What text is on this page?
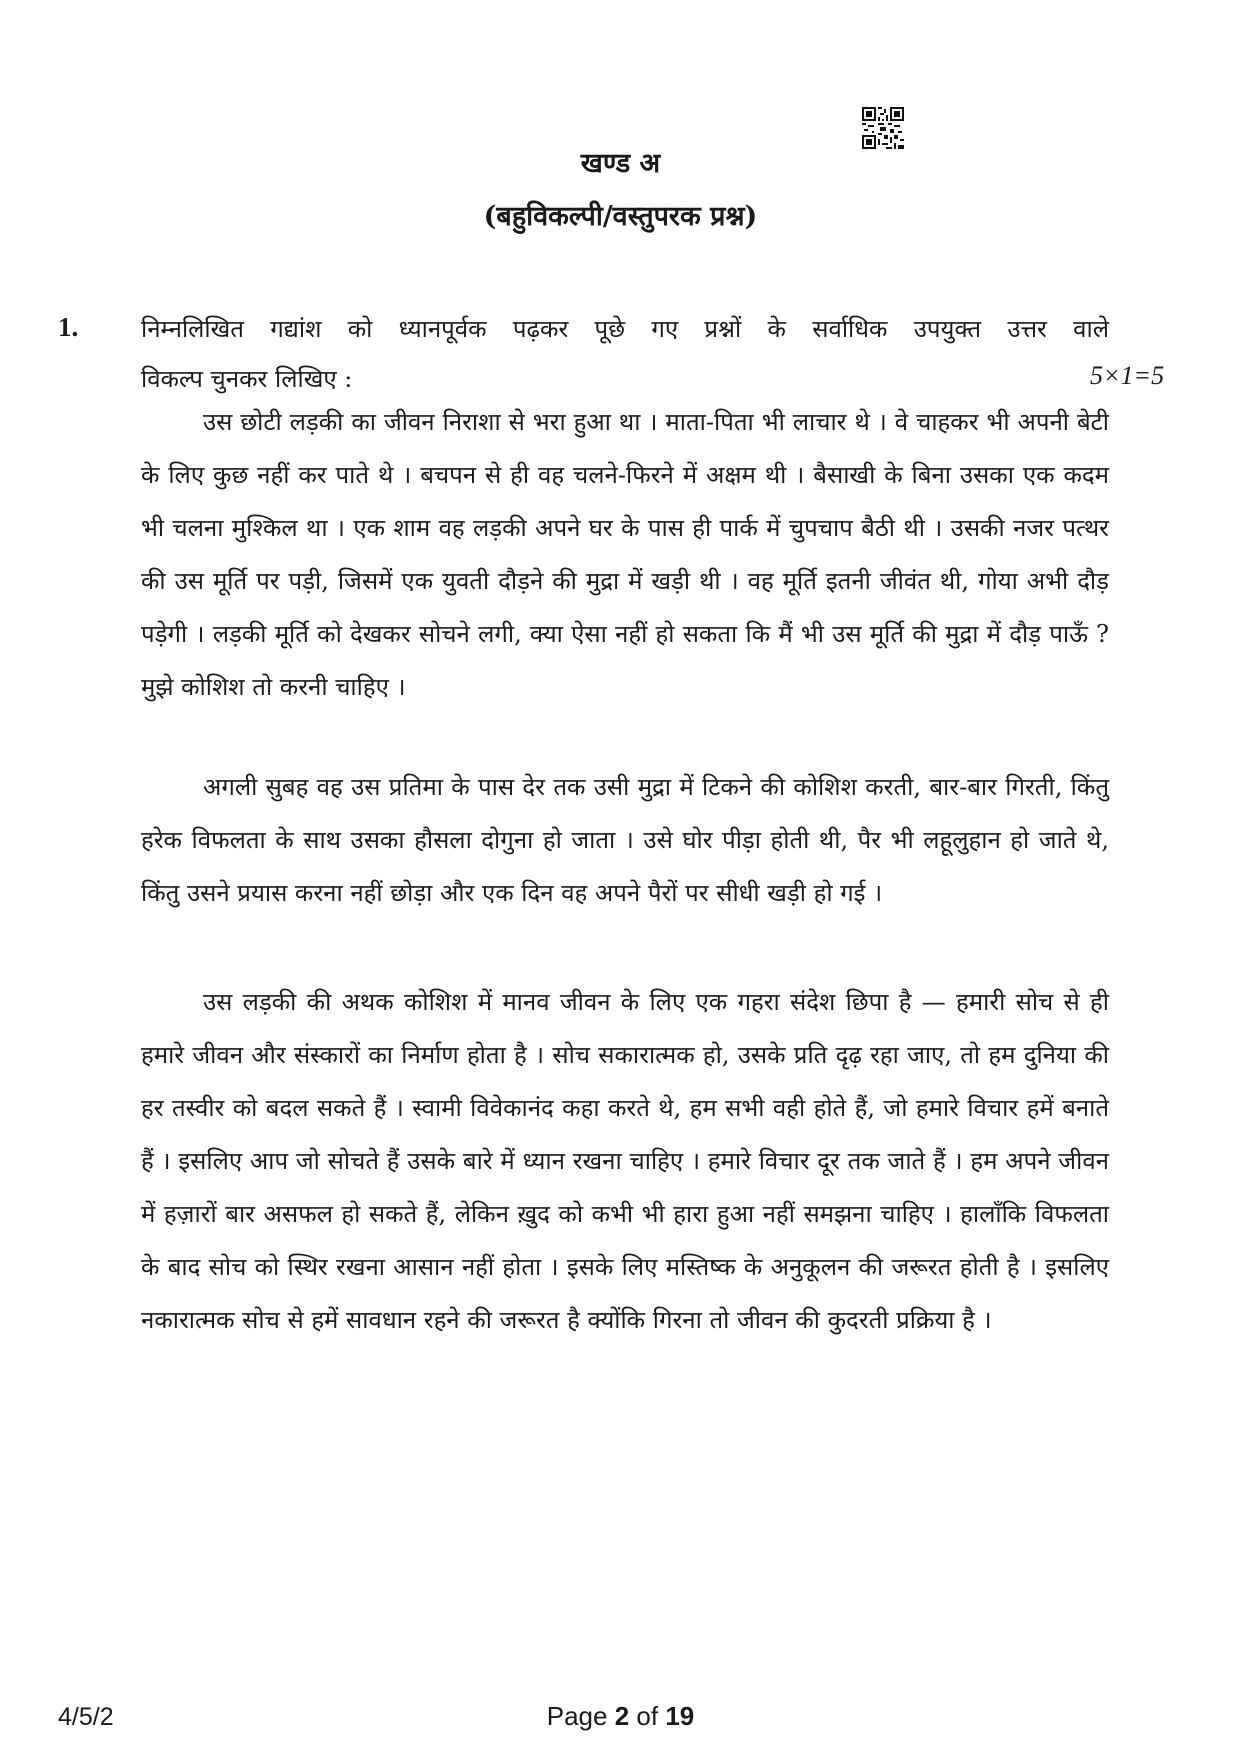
खण्ड अ
(बहुविकल्पी/वस्तुपरक प्रश्न)
1.	निम्नलिखित गद्यांश को ध्यानपूर्वक पढ़कर पूछे गए प्रश्नों के सर्वाधिक उपयुक्त उत्तर वाले
विकल्प चुनकर लिखिए :	5×1=5

उस छोटी लड़की का जीवन निराशा से भरा हुआ था । माता-पिता भी लाचार थे । वे चाहकर भी अपनी बेटी के लिए कुछ नहीं कर पाते थे । बचपन से ही वह चलने-फिरने में अक्षम थी । बैसाखी के बिना उसका एक कदम भी चलना मुश्किल था । एक शाम वह लड़की अपने घर के पास ही पार्क में चुपचाप बैठी थी । उसकी नजर पत्थर की उस मूर्ति पर पड़ी, जिसमें एक युवती दौड़ने की मुद्रा में खड़ी थी । वह मूर्ति इतनी जीवंत थी, गोया अभी दौड़ पड़ेगी । लड़की मूर्ति को देखकर सोचने लगी, क्या ऐसा नहीं हो सकता कि मैं भी उस मूर्ति की मुद्रा में दौड़ पाऊँ ? मुझे कोशिश तो करनी चाहिए ।

अगली सुबह वह उस प्रतिमा के पास देर तक उसी मुद्रा में टिकने की कोशिश करती, बार-बार गिरती, किंतु हरेक विफलता के साथ उसका हौसला दोगुना हो जाता । उसे घोर पीड़ा होती थी, पैर भी लहूलुहान हो जाते थे, किंतु उसने प्रयास करना नहीं छोड़ा और एक दिन वह अपने पैरों पर सीधी खड़ी हो गई ।

उस लड़की की अथक कोशिश में मानव जीवन के लिए एक गहरा संदेश छिपा है — हमारी सोच से ही हमारे जीवन और संस्कारों का निर्माण होता है । सोच सकारात्मक हो, उसके प्रति दृढ़ रहा जाए, तो हम दुनिया की हर तस्वीर को बदल सकते हैं । स्वामी विवेकानंद कहा करते थे, हम सभी वही होते हैं, जो हमारे विचार हमें बनाते हैं । इसलिए आप जो सोचते हैं उसके बारे में ध्यान रखना चाहिए । हमारे विचार दूर तक जाते हैं । हम अपने जीवन में हज़ारों बार असफल हो सकते हैं, लेकिन ख़ुद को कभी भी हारा हुआ नहीं समझना चाहिए । हालाँकि विफलता के बाद सोच को स्थिर रखना आसान नहीं होता । इसके लिए मस्तिष्क के अनुकूलन की जरूरत होती है । इसलिए नकारात्मक सोच से हमें सावधान रहने की जरूरत है क्योंकि गिरना तो जीवन की कुदरती प्रक्रिया है ।

4/5/2	Page 2 of 19
